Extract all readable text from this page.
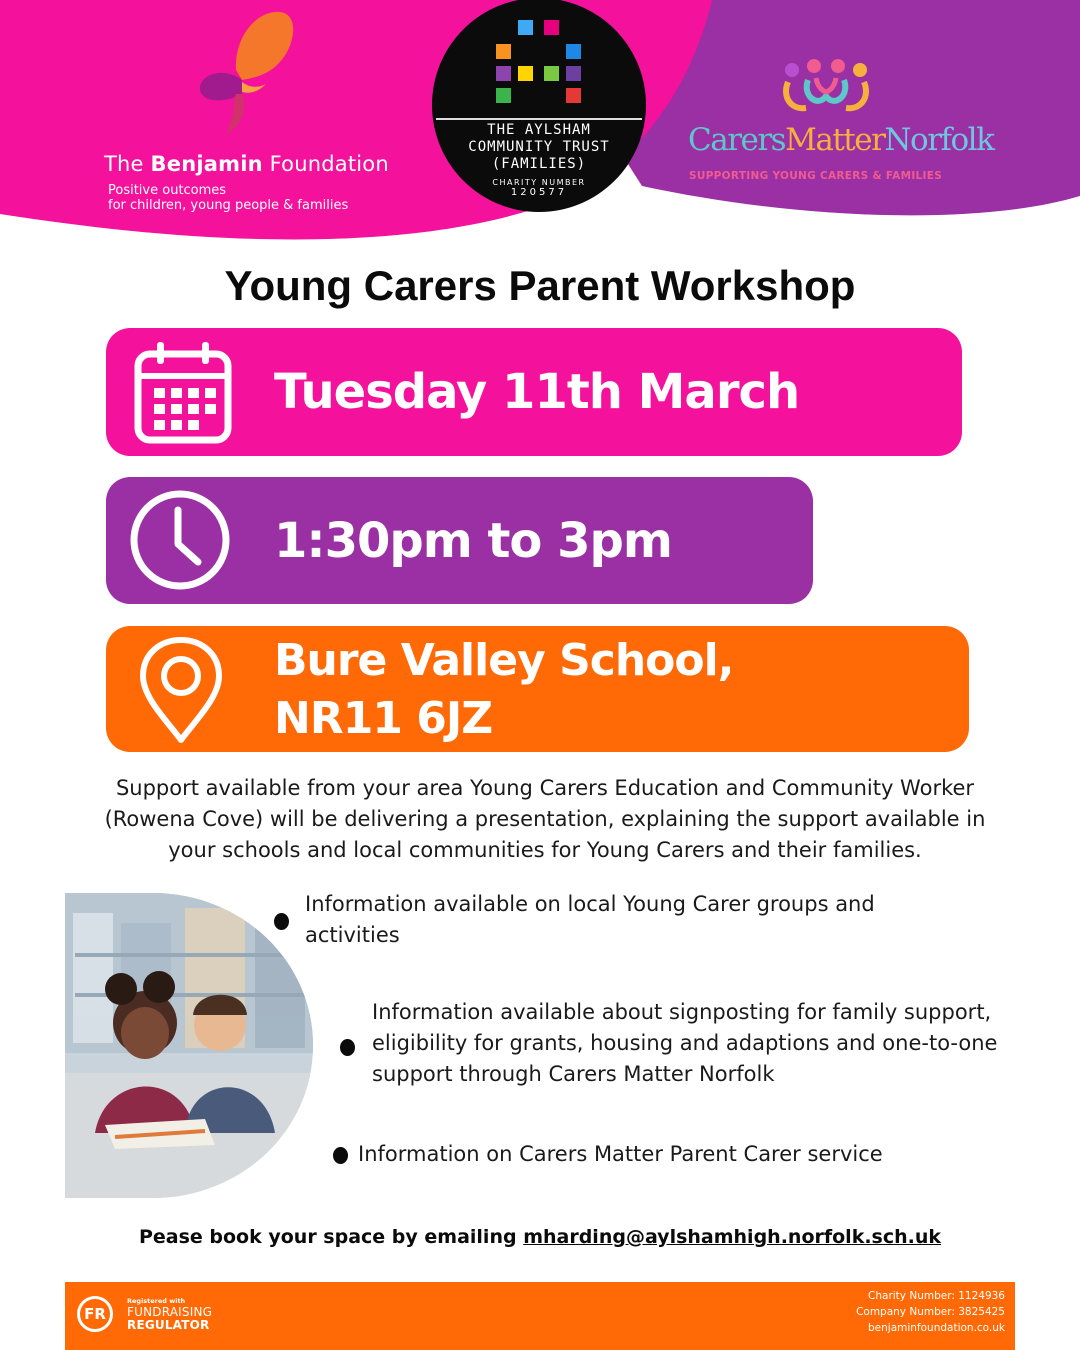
The Benjamin Foundation
Positive outcomes
for children, young people & families
THE AYLSHAM
COMMUNITY TRUST
(FAMILIES)
CHARITY NUMBER
120577
CarersMatterNorfolk
SUPPORTING YOUNG CARERS & FAMILIES
Young Carers Parent Workshop
Tuesday 11th March
1:30pm to 3pm
Bure Valley School,
NR11 6JZ
Support available from your area Young Carers Education and Community Worker (Rowena Cove) will be delivering a presentation, explaining the support available in your schools and local communities for Young Carers and their families.
Information available on local Young Carer groups and activities
Information available about signposting for family support, eligibility for grants, housing and adaptions and one-to-one support through Carers Matter Norfolk
Information on Carers Matter Parent Carer service
Pease book your space by emailing mharding@aylshamhigh.norfolk.sch.uk
FR
Registered with
FUNDRAISING
REGULATOR
Charity Number: 1124936
Company Number: 3825425
benjaminfoundation.co.uk
